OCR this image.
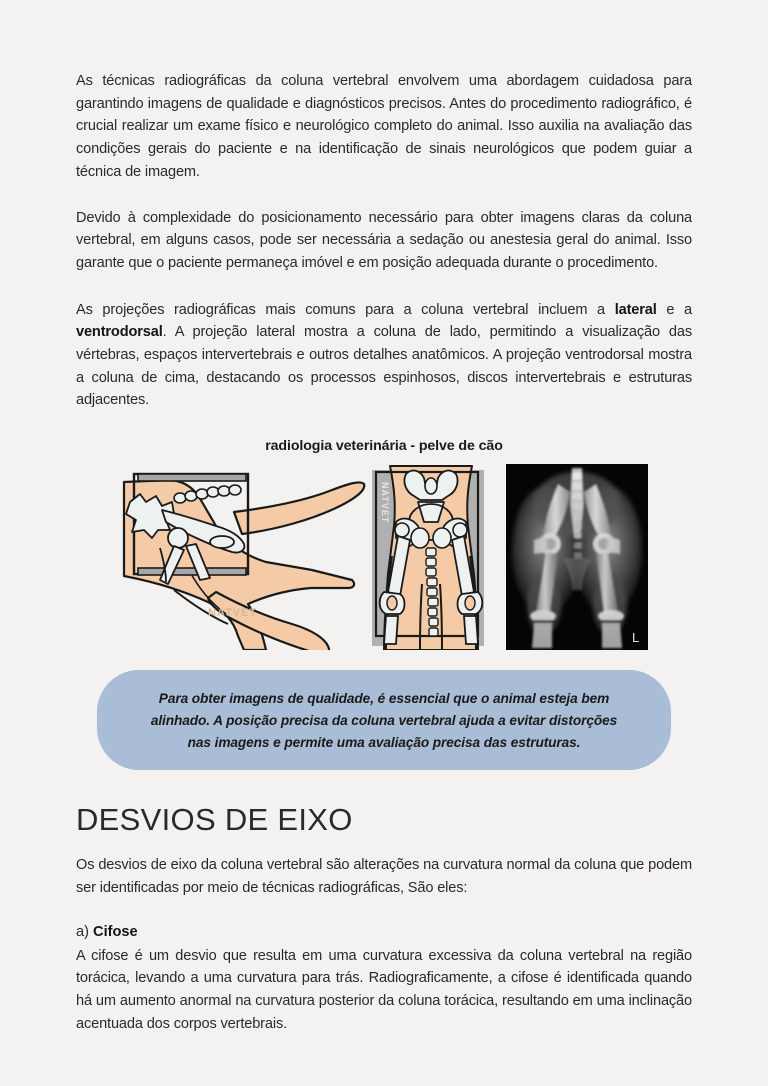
As técnicas radiográficas da coluna vertebral envolvem uma abordagem cuidadosa para garantindo imagens de qualidade e diagnósticos precisos. Antes do procedimento radiográfico, é crucial realizar um exame físico e neurológico completo do animal. Isso auxilia na avaliação das condições gerais do paciente e na identificação de sinais neurológicos que podem guiar a técnica de imagem.

Devido à complexidade do posicionamento necessário para obter imagens claras da coluna vertebral, em alguns casos, pode ser necessária a sedação ou anestesia geral do animal. Isso garante que o paciente permaneça imóvel e em posição adequada durante o procedimento.

As projeções radiográficas mais comuns para a coluna vertebral incluem a lateral e a ventrodorsal. A projeção lateral mostra a coluna de lado, permitindo a visualização das vértebras, espaços intervertebrais e outros detalhes anatômicos. A projeção ventrodorsal mostra a coluna de cima, destacando os processos espinhosos, discos intervertebrais e estruturas adjacentes.

radiologia veterinária - pelve de cão

NATVET
NATVET
L
Para obter imagens de qualidade, é essencial que o animal esteja bem alinhado. A posição precisa da coluna vertebral ajuda a evitar distorções nas imagens e permite uma avaliação precisa das estruturas.
DESVIOS DE EIXO

Os desvios de eixo da coluna vertebral são alterações na curvatura normal da coluna que podem ser identificadas por meio de técnicas radiográficas, São eles:

a) Cifose

A cifose é um desvio que resulta em uma curvatura excessiva da coluna vertebral na região torácica, levando a uma curvatura para trás. Radiograficamente, a cifose é identificada quando há um aumento anormal na curvatura posterior da coluna torácica, resultando em uma inclinação acentuada dos corpos vertebrais.
